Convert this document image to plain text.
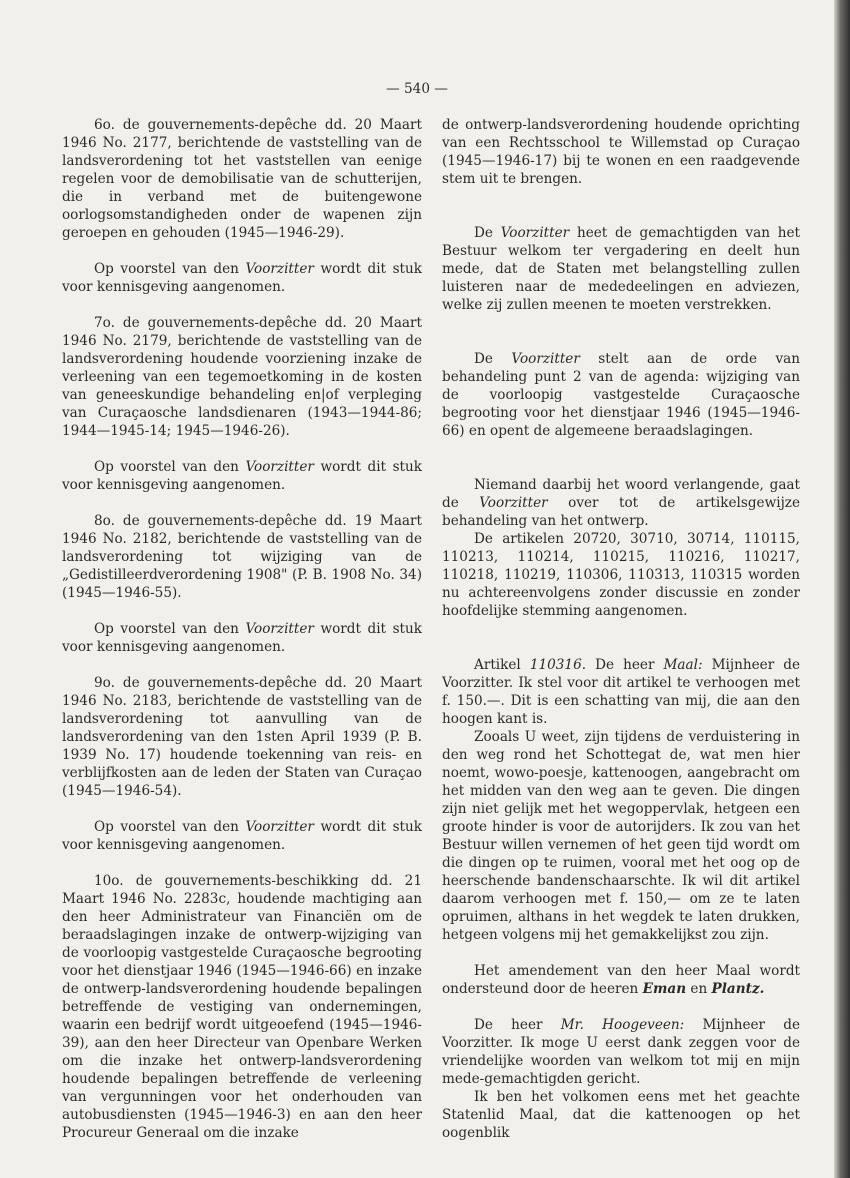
— 540 —

6o. de gouvernements-depêche dd. 20 Maart 1946 No. 2177, berichtende de vaststelling van de landsverordening tot het vaststellen van eenige regelen voor de demobilisatie van de schutterijen, die in verband met de buitengewone oorlogsomstandigheden onder de wapenen zijn geroepen en gehouden (1945—1946-29).

Op voorstel van den Voorzitter wordt dit stuk voor kennisgeving aangenomen.

7o. de gouvernements-depêche dd. 20 Maart 1946 No. 2179, berichtende de vaststelling van de landsverordening houdende voorziening inzake de verleening van een tegemoetkoming in de kosten van geneeskundige behandeling en|of verpleging van Curaçaosche landsdienaren (1943—1944-86; 1944—1945-14; 1945—1946-26).

Op voorstel van den Voorzitter wordt dit stuk voor kennisgeving aangenomen.

8o. de gouvernements-depêche dd. 19 Maart 1946 No. 2182, berichtende de vaststelling van de landsverordening tot wijziging van de „Gedistilleerdverordening 1908" (P. B. 1908 No. 34) (1945—1946-55).

Op voorstel van den Voorzitter wordt dit stuk voor kennisgeving aangenomen.

9o. de gouvernements-depêche dd. 20 Maart 1946 No. 2183, berichtende de vaststelling van de landsverordening tot aanvulling van de landsverordening van den 1sten April 1939 (P. B. 1939 No. 17) houdende toekenning van reis- en verblijfkosten aan de leden der Staten van Curaçao (1945—1946-54).

Op voorstel van den Voorzitter wordt dit stuk voor kennisgeving aangenomen.

10o. de gouvernements-beschikking dd. 21 Maart 1946 No. 2283c, houdende machtiging aan den heer Administrateur van Financiën om de beraadslagingen inzake de ontwerp-wijziging van de voorloopig vastgestelde Curaçaosche begrooting voor het dienstjaar 1946 (1945—1946-66) en inzake de ontwerp-landsverordening houdende bepalingen betreffende de vestiging van ondernemingen, waarin een bedrijf wordt uitgeoefend (1945—1946-39), aan den heer Directeur van Openbare Werken om die inzake het ontwerp-landsverordening houdende bepalingen betreffende de verleening van vergunningen voor het onderhouden van autobusdiensten (1945—1946-3) en aan den heer Procureur Generaal om die inzake

de ontwerp-landsverordening houdende oprichting van een Rechtsschool te Willemstad op Curaçao (1945—1946-17) bij te wonen en een raadgevende stem uit te brengen.

De Voorzitter heet de gemachtigden van het Bestuur welkom ter vergadering en deelt hun mede, dat de Staten met belangstelling zullen luisteren naar de mededeelingen en adviezen, welke zij zullen meenen te moeten verstrekken.

De Voorzitter stelt aan de orde van behandeling punt 2 van de agenda: wijziging van de voorloopig vastgestelde Curaçaosche begrooting voor het dienstjaar 1946 (1945—1946-66) en opent de algemeene beraadslagingen.

Niemand daarbij het woord verlangende, gaat de Voorzitter over tot de artikelsgewijze behandeling van het ontwerp.

De artikelen 20720, 30710, 30714, 110115, 110213, 110214, 110215, 110216, 110217, 110218, 110219, 110306, 110313, 110315 worden nu achtereenvolgens zonder discussie en zonder hoofdelijke stemming aangenomen.

Artikel 110316. De heer Maal: Mijnheer de Voorzitter. Ik stel voor dit artikel te verhoogen met f. 150.—. Dit is een schatting van mij, die aan den hoogen kant is.

Zooals U weet, zijn tijdens de verduistering in den weg rond het Schottegat de, wat men hier noemt, wowo-poesje, kattenoogen, aangebracht om het midden van den weg aan te geven. Die dingen zijn niet gelijk met het wegoppervlak, hetgeen een groote hinder is voor de autorijders. Ik zou van het Bestuur willen vernemen of het geen tijd wordt om die dingen op te ruimen, vooral met het oog op de heerschende bandenschaarschte. Ik wil dit artikel daarom verhoogen met f. 150,— om ze te laten opruimen, althans in het wegdek te laten drukken, hetgeen volgens mij het gemakkelijkst zou zijn.

Het amendement van den heer Maal wordt ondersteund door de heeren Eman en Plantz.

De heer Mr. Hoogeveen: Mijnheer de Voorzitter. Ik moge U eerst dank zeggen voor de vriendelijke woorden van welkom tot mij en mijn mede-gemachtigden gericht.

Ik ben het volkomen eens met het geachte Statenlid Maal, dat die kattenoogen op het oogenblik
